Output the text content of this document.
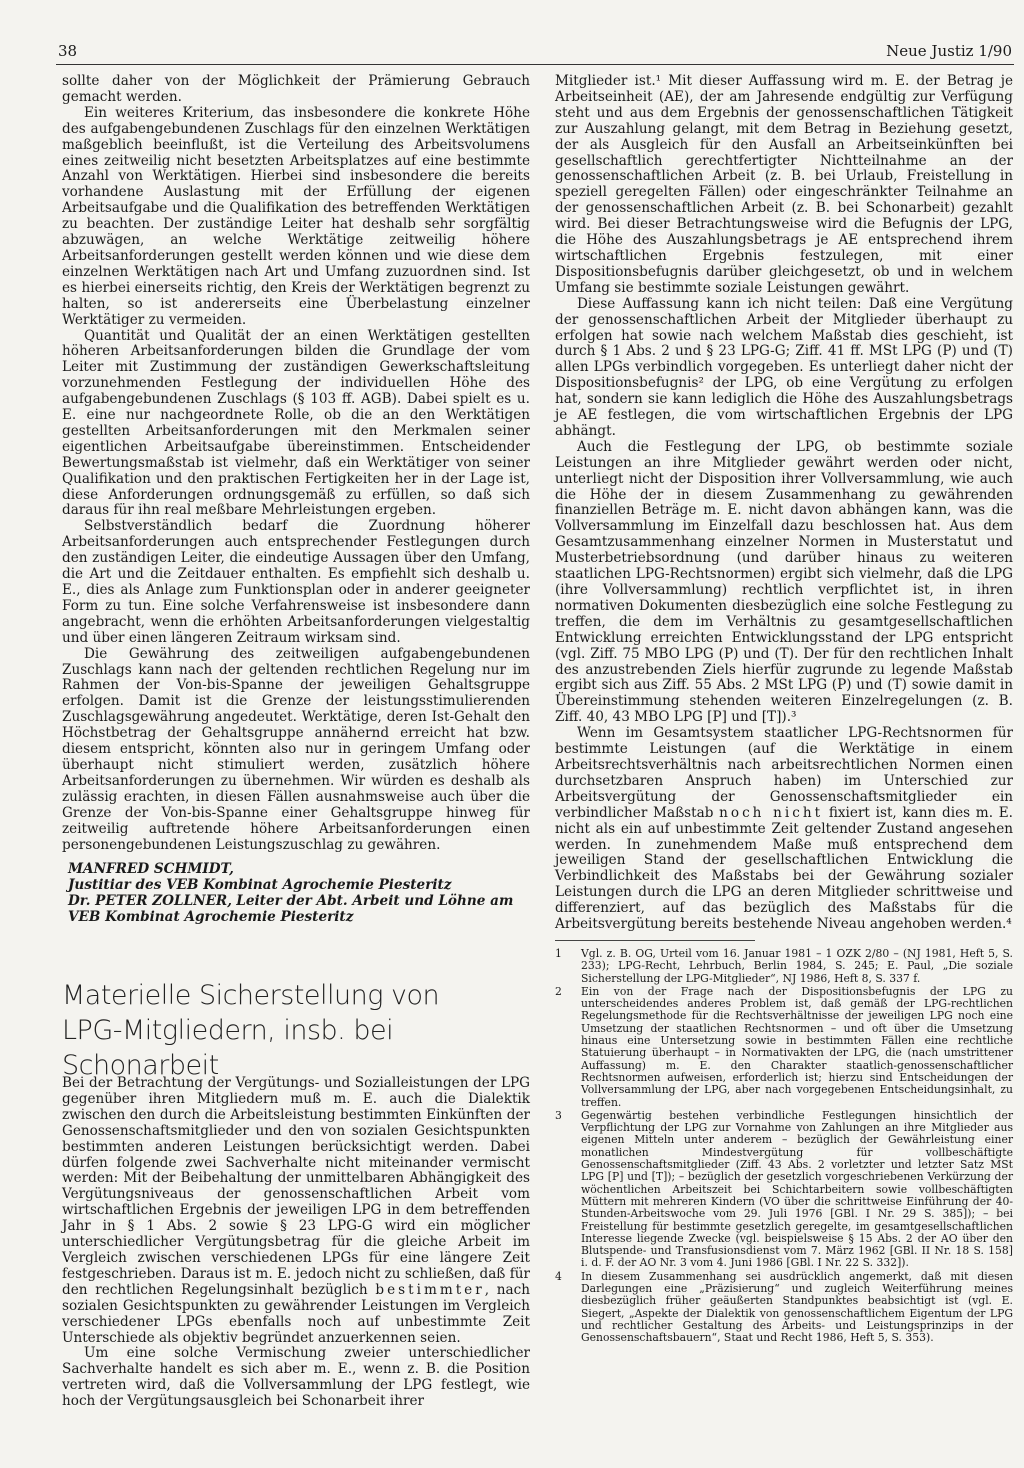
38	Neue Justiz 1/90

sollte daher von der Möglichkeit der Prämierung Gebrauch gemacht werden.

Ein weiteres Kriterium, das insbesondere die konkrete Höhe des aufgabengebundenen Zuschlags für den einzelnen Werktätigen maßgeblich beeinflußt, ist die Verteilung des Arbeitsvolumens eines zeitweilig nicht besetzten Arbeitsplatzes auf eine bestimmte Anzahl von Werktätigen. Hierbei sind insbesondere die bereits vorhandene Auslastung mit der Erfüllung der eigenen Arbeitsaufgabe und die Qualifikation des betreffenden Werktätigen zu beachten. Der zuständige Leiter hat deshalb sehr sorgfältig abzuwägen, an welche Werktätige zeitweilig höhere Arbeitsanforderungen gestellt werden können und wie diese dem einzelnen Werktätigen nach Art und Umfang zuzuordnen sind. Ist es hierbei einerseits richtig, den Kreis der Werktätigen begrenzt zu halten, so ist andererseits eine Überbelastung einzelner Werktätiger zu vermeiden.

Quantität und Qualität der an einen Werktätigen gestellten höheren Arbeitsanforderungen bilden die Grundlage der vom Leiter mit Zustimmung der zuständigen Gewerkschaftsleitung vorzunehmenden Festlegung der individuellen Höhe des aufgabengebundenen Zuschlags (§ 103 ff. AGB). Dabei spielt es u. E. eine nur nachgeordnete Rolle, ob die an den Werktätigen gestellten Arbeitsanforderungen mit den Merkmalen seiner eigentlichen Arbeitsaufgabe übereinstimmen. Entscheidender Bewertungsmaßstab ist vielmehr, daß ein Werktätiger von seiner Qualifikation und den praktischen Fertigkeiten her in der Lage ist, diese Anforderungen ordnungsgemäß zu erfüllen, so daß sich daraus für ihn real meßbare Mehrleistungen ergeben.

Selbstverständlich bedarf die Zuordnung höherer Arbeitsanforderungen auch entsprechender Festlegungen durch den zuständigen Leiter, die eindeutige Aussagen über den Umfang, die Art und die Zeitdauer enthalten. Es empfiehlt sich deshalb u. E., dies als Anlage zum Funktionsplan oder in anderer geeigneter Form zu tun. Eine solche Verfahrensweise ist insbesondere dann angebracht, wenn die erhöhten Arbeitsanforderungen vielgestaltig und über einen längeren Zeitraum wirksam sind.

Die Gewährung des zeitweiligen aufgabengebundenen Zuschlags kann nach der geltenden rechtlichen Regelung nur im Rahmen der Von-bis-Spanne der jeweiligen Gehaltsgruppe erfolgen. Damit ist die Grenze der leistungsstimulierenden Zuschlagsgewährung angedeutet. Werktätige, deren Ist-Gehalt den Höchstbetrag der Gehaltsgruppe annähernd erreicht hat bzw. diesem entspricht, könnten also nur in geringem Umfang oder überhaupt nicht stimuliert werden, zusätzlich höhere Arbeitsanforderungen zu übernehmen. Wir würden es deshalb als zulässig erachten, in diesen Fällen ausnahmsweise auch über die Grenze der Von-bis-Spanne einer Gehaltsgruppe hinweg für zeitweilig auftretende höhere Arbeitsanforderungen einen personengebundenen Leistungszuschlag zu gewähren.

MANFRED SCHMIDT,
Justitiar des VEB Kombinat Agrochemie Piesteritz
Dr. PETER ZOLLNER, Leiter der Abt. Arbeit und Löhne am VEB Kombinat Agrochemie Piesteritz
Materielle Sicherstellung von
LPG-Mitgliedern, insb. bei Schonarbeit

Bei der Betrachtung der Vergütungs- und Sozialleistungen der LPG gegenüber ihren Mitgliedern muß m. E. auch die Dialektik zwischen den durch die Arbeitsleistung bestimmten Einkünften der Genossenschaftsmitglieder und den von sozialen Gesichtspunkten bestimmten anderen Leistungen berücksichtigt werden. Dabei dürfen folgende zwei Sachverhalte nicht miteinander vermischt werden: Mit der Beibehaltung der unmittelbaren Abhängigkeit des Vergütungsniveaus der genossenschaftlichen Arbeit vom wirtschaftlichen Ergebnis der jeweiligen LPG in dem betreffenden Jahr in § 1 Abs. 2 sowie § 23 LPG-G wird ein möglicher unterschiedlicher Vergütungsbetrag für die gleiche Arbeit im Vergleich zwischen verschiedenen LPGs für eine längere Zeit festgeschrieben. Daraus ist m. E. jedoch nicht zu schließen, daß für den rechtlichen Regelungsinhalt bezüglich bestimmter, nach sozialen Gesichtspunkten zu gewährender Leistungen im Vergleich verschiedener LPGs ebenfalls noch auf unbestimmte Zeit Unterschiede als objektiv begründet anzuerkennen seien.

Um eine solche Vermischung zweier unterschiedlicher Sachverhalte handelt es sich aber m. E., wenn z. B. die Position vertreten wird, daß die Vollversammlung der LPG festlegt, wie hoch der Vergütungsausgleich bei Schonarbeit ihrer

Mitglieder ist.¹ Mit dieser Auffassung wird m. E. der Betrag je Arbeitseinheit (AE), der am Jahresende endgültig zur Verfügung steht und aus dem Ergebnis der genossenschaftlichen Tätigkeit zur Auszahlung gelangt, mit dem Betrag in Beziehung gesetzt, der als Ausgleich für den Ausfall an Arbeitseinkünften bei gesellschaftlich gerechtfertigter Nichtteilnahme an der genossenschaftlichen Arbeit (z. B. bei Urlaub, Freistellung in speziell geregelten Fällen) oder eingeschränkter Teilnahme an der genossenschaftlichen Arbeit (z. B. bei Schonarbeit) gezahlt wird. Bei dieser Betrachtungsweise wird die Befugnis der LPG, die Höhe des Auszahlungsbetrags je AE entsprechend ihrem wirtschaftlichen Ergebnis festzulegen, mit einer Dispositionsbefugnis darüber gleichgesetzt, ob und in welchem Umfang sie bestimmte soziale Leistungen gewährt.

Diese Auffassung kann ich nicht teilen: Daß eine Vergütung der genossenschaftlichen Arbeit der Mitglieder überhaupt zu erfolgen hat sowie nach welchem Maßstab dies geschieht, ist durch § 1 Abs. 2 und § 23 LPG-G; Ziff. 41 ff. MSt LPG (P) und (T) allen LPGs verbindlich vorgegeben. Es unterliegt daher nicht der Dispositionsbefugnis² der LPG, ob eine Vergütung zu erfolgen hat, sondern sie kann lediglich die Höhe des Auszahlungsbetrags je AE festlegen, die vom wirtschaftlichen Ergebnis der LPG abhängt.

Auch die Festlegung der LPG, ob bestimmte soziale Leistungen an ihre Mitglieder gewährt werden oder nicht, unterliegt nicht der Disposition ihrer Vollversammlung, wie auch die Höhe der in diesem Zusammenhang zu gewährenden finanziellen Beträge m. E. nicht davon abhängen kann, was die Vollversammlung im Einzelfall dazu beschlossen hat. Aus dem Gesamtzusammenhang einzelner Normen in Musterstatut und Musterbetriebsordnung (und darüber hinaus zu weiteren staatlichen LPG-Rechtsnormen) ergibt sich vielmehr, daß die LPG (ihre Vollversammlung) rechtlich verpflichtet ist, in ihren normativen Dokumenten diesbezüglich eine solche Festlegung zu treffen, die dem im Verhältnis zu gesamtgesellschaftlichen Entwicklung erreichten Entwicklungsstand der LPG entspricht (vgl. Ziff. 75 MBO LPG (P) und (T). Der für den rechtlichen Inhalt des anzustrebenden Ziels hierfür zugrunde zu legende Maßstab ergibt sich aus Ziff. 55 Abs. 2 MSt LPG (P) und (T) sowie damit in Übereinstimmung stehenden weiteren Einzelregelungen (z. B. Ziff. 40, 43 MBO LPG [P] und [T]).³

Wenn im Gesamtsystem staatlicher LPG-Rechtsnormen für bestimmte Leistungen (auf die Werktätige in einem Arbeitsrechtsverhältnis nach arbeitsrechtlichen Normen einen durchsetzbaren Anspruch haben) im Unterschied zur Arbeitsvergütung der Genossenschaftsmitglieder ein verbindlicher Maßstab noch nicht fixiert ist, kann dies m. E. nicht als ein auf unbestimmte Zeit geltender Zustand angesehen werden. In zunehmendem Maße muß entsprechend dem jeweiligen Stand der gesellschaftlichen Entwicklung die Verbindlichkeit des Maßstabs bei der Gewährung sozialer Leistungen durch die LPG an deren Mitglieder schrittweise und differenziert, auf das bezüglich des Maßstabs für die Arbeitsvergütung bereits bestehende Niveau angehoben werden.⁴

1	Vgl. z. B. OG, Urteil vom 16. Januar 1981 – 1 OZK 2/80 – (NJ 1981, Heft 5, S. 233); LPG-Recht, Lehrbuch, Berlin 1984, S. 245; E. Paul, „Die soziale Sicherstellung der LPG-Mitglieder“, NJ 1986, Heft 8, S. 337 f.
2	Ein von der Frage nach der Dispositionsbefugnis der LPG zu unterscheidendes anderes Problem ist, daß gemäß der LPG-rechtlichen Regelungsmethode für die Rechtsverhältnisse der jeweiligen LPG noch eine Umsetzung der staatlichen Rechtsnormen – und oft über die Umsetzung hinaus eine Untersetzung sowie in bestimmten Fällen eine rechtliche Statuierung überhaupt – in Normativakten der LPG, die (nach umstrittener Auffassung) m. E. den Charakter staatlich-genossenschaftlicher Rechtsnormen aufweisen, erforderlich ist; hierzu sind Entscheidungen der Vollversammlung der LPG, aber nach vorgegebenen Entscheidungsinhalt, zu treffen.
3	Gegenwärtig bestehen verbindliche Festlegungen hinsichtlich der Verpflichtung der LPG zur Vornahme von Zahlungen an ihre Mitglieder aus eigenen Mitteln unter anderem – bezüglich der Gewährleistung einer monatlichen Mindestvergütung für vollbeschäftigte Genossenschaftsmitglieder (Ziff. 43 Abs. 2 vorletzter und letzter Satz MSt LPG [P] und [T]); – bezüglich der gesetzlich vorgeschriebenen Verkürzung der wöchentlichen Arbeitszeit bei Schichtarbeitern sowie vollbeschäftigten Müttern mit mehreren Kindern (VO über die schrittweise Einführung der 40-Stunden-Arbeitswoche vom 29. Juli 1976 [GBl. I Nr. 29 S. 385]); – bei Freistellung für bestimmte gesetzlich geregelte, im gesamtgesellschaftlichen Interesse liegende Zwecke (vgl. beispielsweise § 15 Abs. 2 der AO über den Blutspende- und Transfusionsdienst vom 7. März 1962 [GBl. II Nr. 18 S. 158] i. d. F. der AO Nr. 3 vom 4. Juni 1986 [GBl. I Nr. 22 S. 332]).
4	In diesem Zusammenhang sei ausdrücklich angemerkt, daß mit diesen Darlegungen eine „Präzisierung“ und zugleich Weiterführung meines diesbezüglich früher geäußerten Standpunktes beabsichtigt ist (vgl. E. Siegert, „Aspekte der Dialektik von genossenschaftlichem Eigentum der LPG und rechtlicher Gestaltung des Arbeits- und Leistungsprinzips in der Genossenschaftsbauern“, Staat und Recht 1986, Heft 5, S. 353).
